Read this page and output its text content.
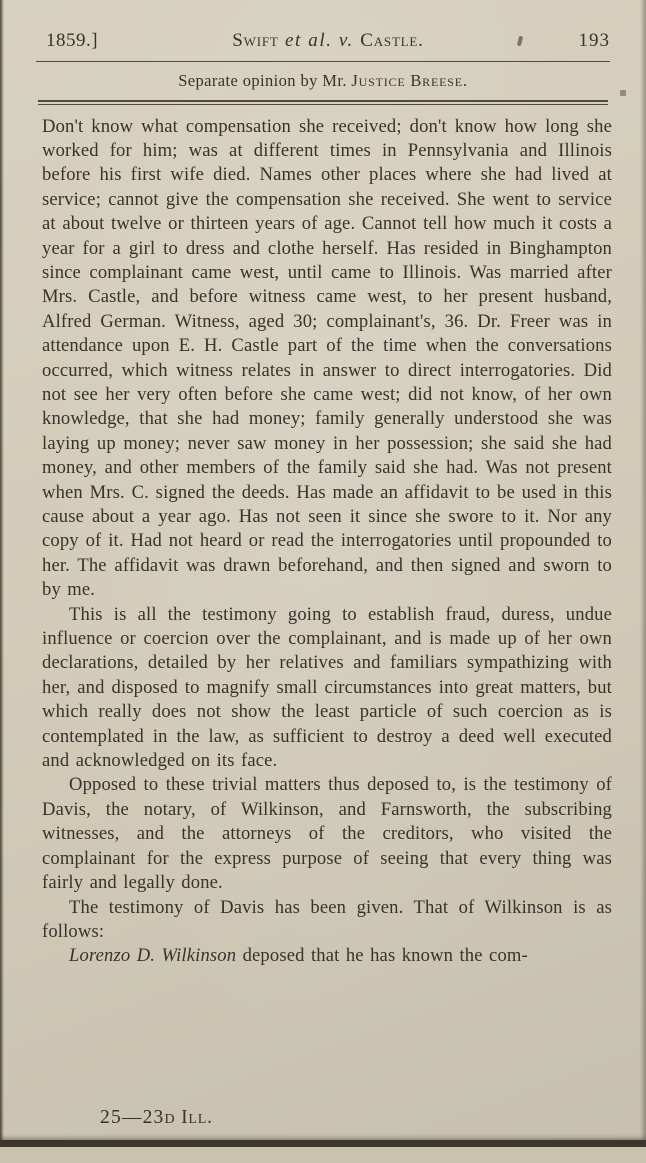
1859.]	Swift et al. v. Castle.	193
Separate opinion by Mr. Justice Breese.

Don't know what compensation she received; don't know how long she worked for him; was at different times in Pennsylvania and Illinois before his first wife died. Names other places where she had lived at service; cannot give the compensation she received. She went to service at about twelve or thirteen years of age. Cannot tell how much it costs a year for a girl to dress and clothe herself. Has resided in Binghampton since complainant came west, until came to Illinois. Was married after Mrs. Castle, and before witness came west, to her present husband, Alfred German. Witness, aged 30; complainant's, 36. Dr. Freer was in attendance upon E. H. Castle part of the time when the conversations occurred, which witness relates in answer to direct interrogatories. Did not see her very often before she came west; did not know, of her own knowledge, that she had money; family generally understood she was laying up money; never saw money in her possession; she said she had money, and other members of the family said she had. Was not present when Mrs. C. signed the deeds. Has made an affidavit to be used in this cause about a year ago. Has not seen it since she swore to it. Nor any copy of it. Had not heard or read the interrogatories until propounded to her. The affidavit was drawn beforehand, and then signed and sworn to by me.

This is all the testimony going to establish fraud, duress, undue influence or coercion over the complainant, and is made up of her own declarations, detailed by her relatives and familiars sympathizing with her, and disposed to magnify small circumstances into great matters, but which really does not show the least particle of such coercion as is contemplated in the law, as sufficient to destroy a deed well executed and acknowledged on its face.

Opposed to these trivial matters thus deposed to, is the testimony of Davis, the notary, of Wilkinson, and Farnsworth, the subscribing witnesses, and the attorneys of the creditors, who visited the complainant for the express purpose of seeing that every thing was fairly and legally done.

The testimony of Davis has been given. That of Wilkinson is as follows:

Lorenzo D. Wilkinson deposed that he has known the com-

25—23d Ill.
